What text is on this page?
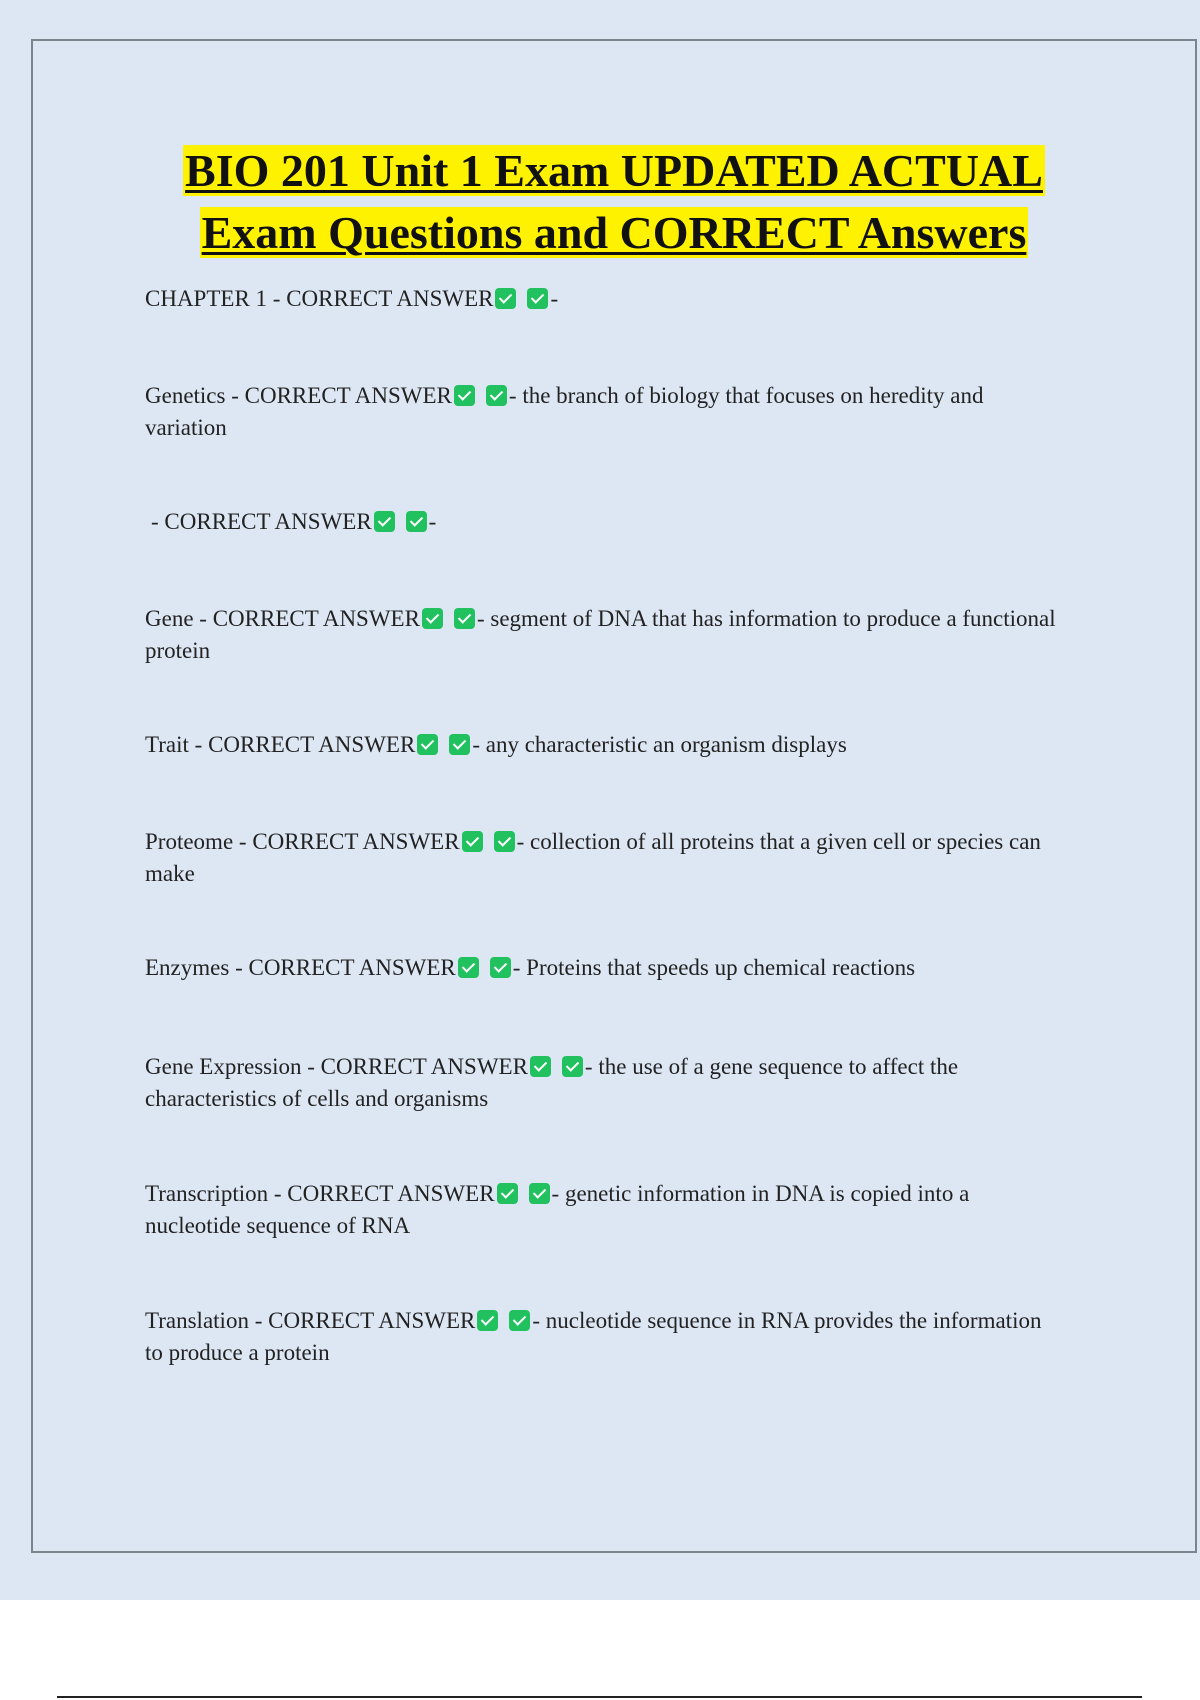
BIO 201 Unit 1 Exam UPDATED ACTUAL
Exam Questions and CORRECT Answers
CHAPTER 1 - CORRECT ANSWER -
Genetics - CORRECT ANSWER - the branch of biology that focuses on heredity and variation
- CORRECT ANSWER -
Gene - CORRECT ANSWER - segment of DNA that has information to produce a functional protein
Trait - CORRECT ANSWER - any characteristic an organism displays
Proteome - CORRECT ANSWER - collection of all proteins that a given cell or species can make
Enzymes - CORRECT ANSWER - Proteins that speeds up chemical reactions
Gene Expression - CORRECT ANSWER - the use of a gene sequence to affect the characteristics of cells and organisms
Transcription - CORRECT ANSWER - genetic information in DNA is copied into a nucleotide sequence of RNA
Translation - CORRECT ANSWER - nucleotide sequence in RNA provides the information to produce a protein
